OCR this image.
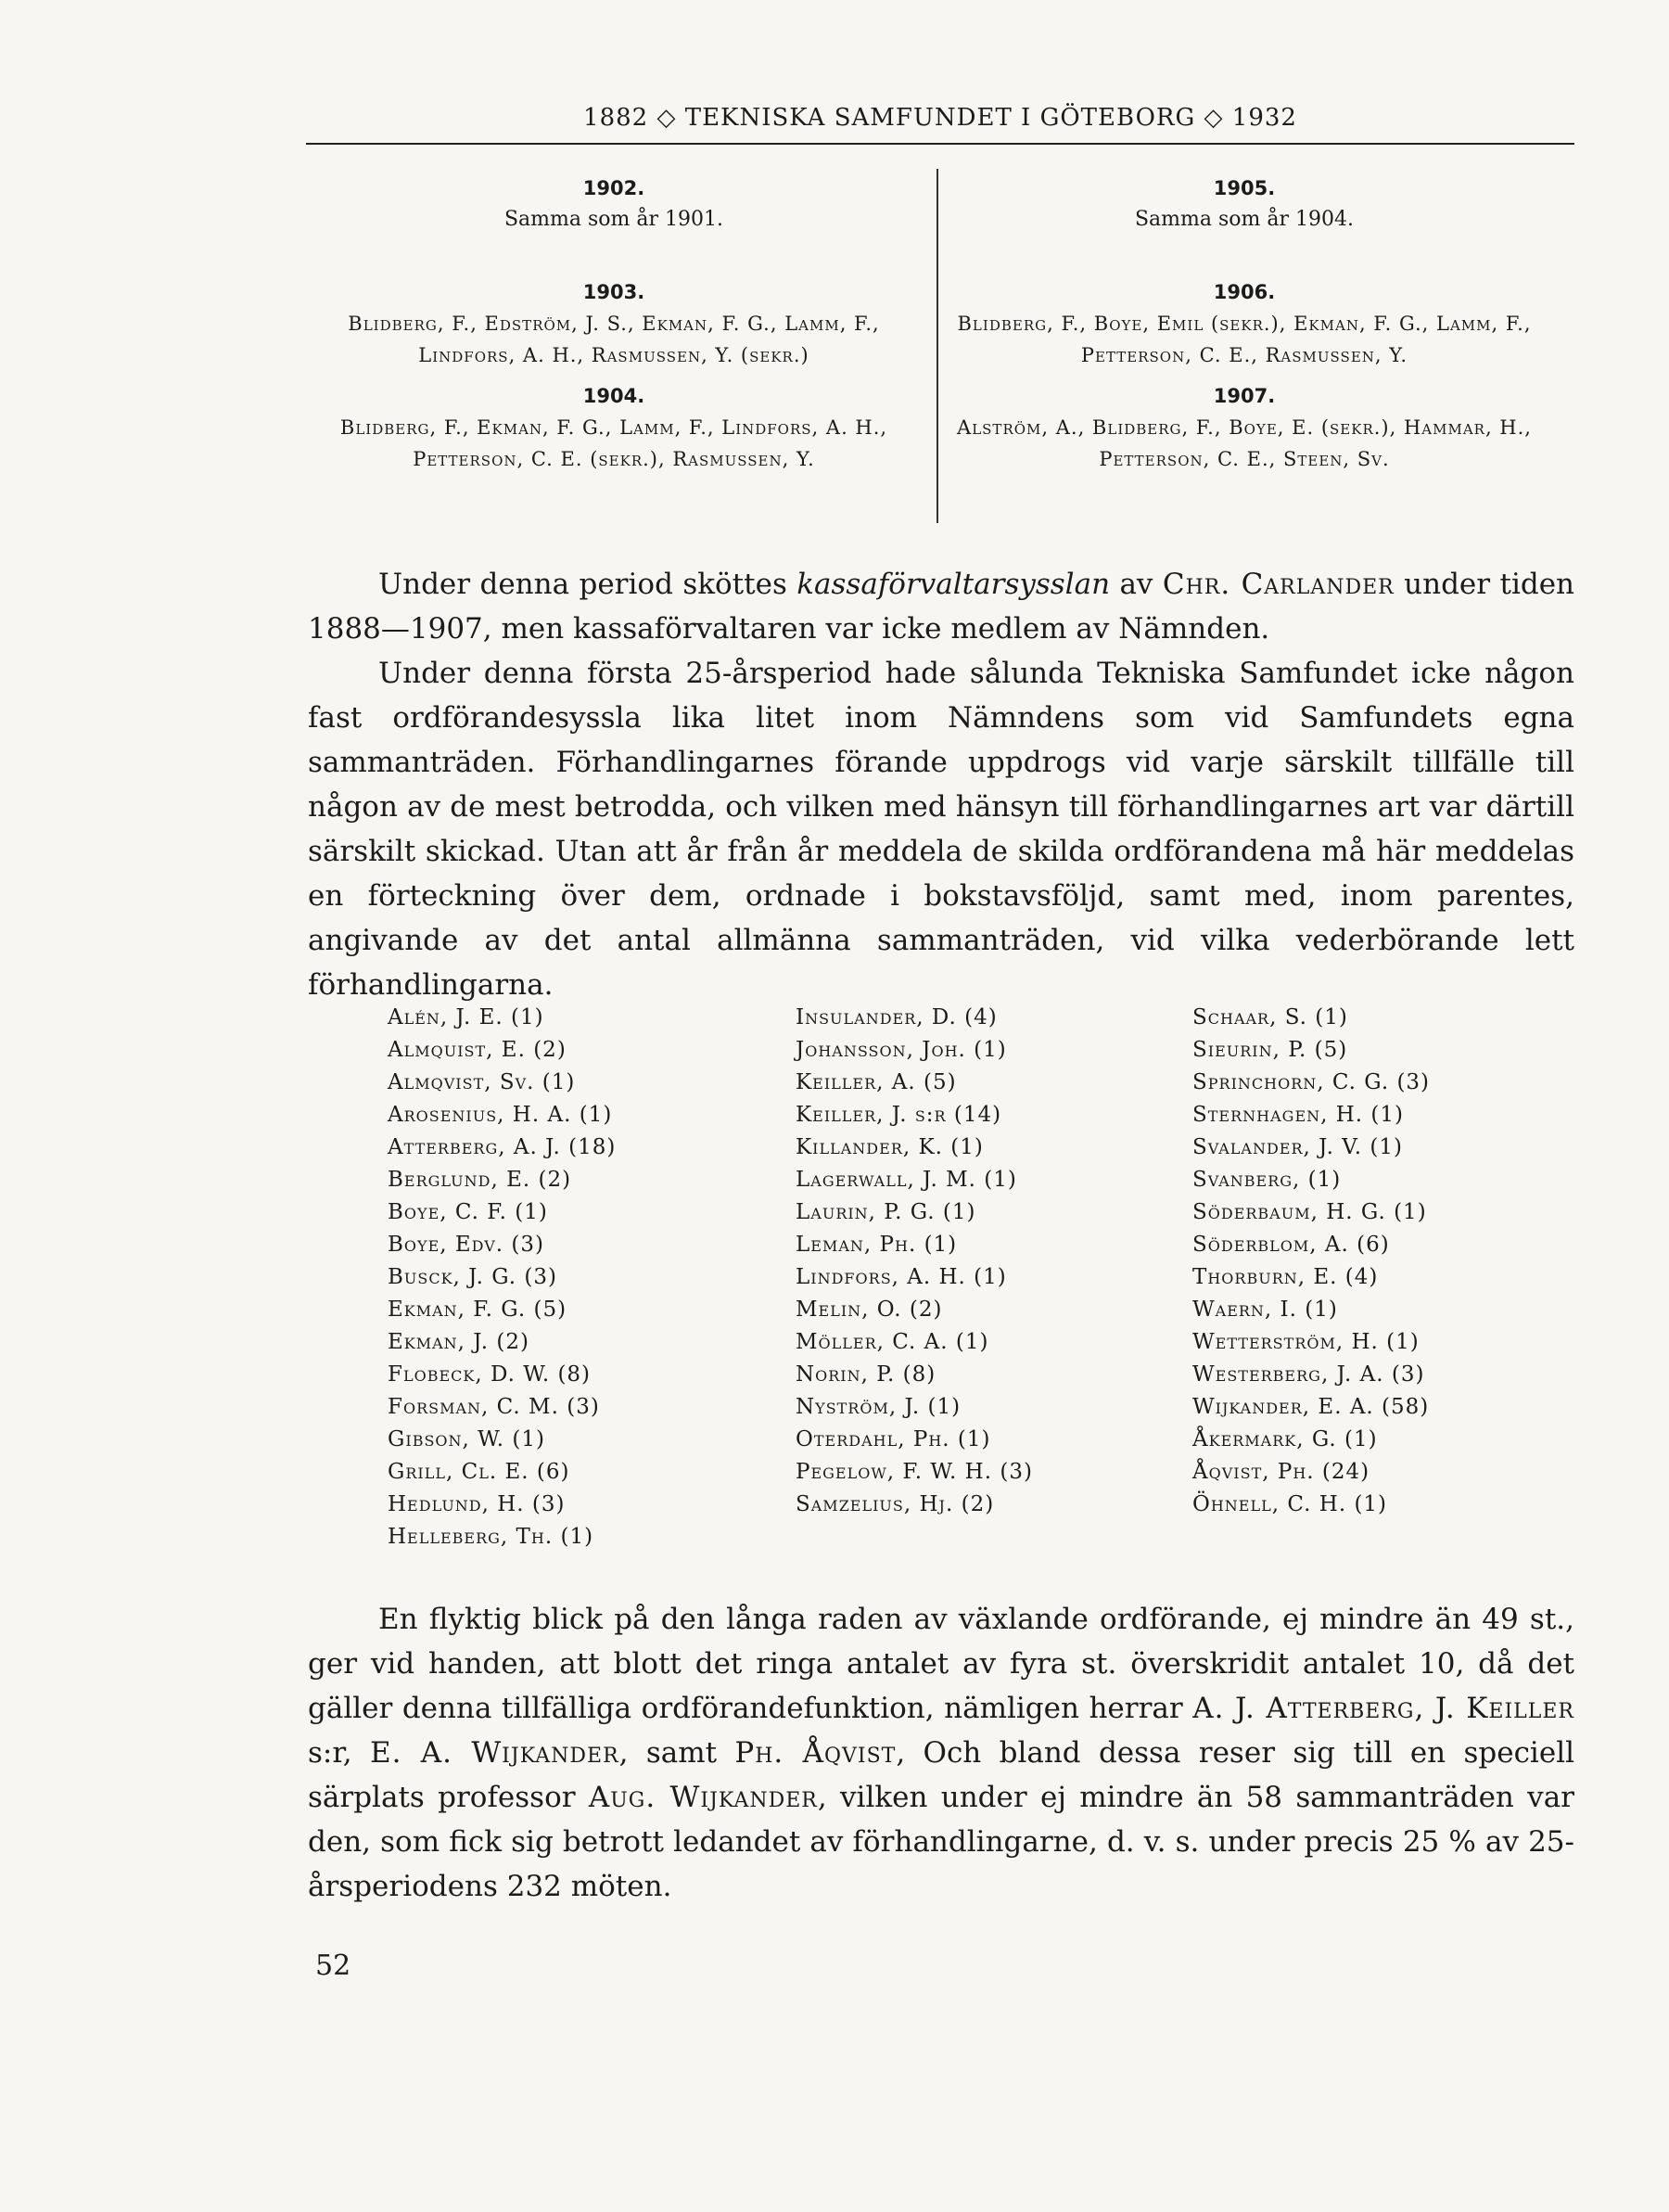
1882 ◇ TEKNISKA SAMFUNDET I GÖTEBORG ◇ 1932
1902.
Samma som år 1901.
1903.
Blidberg, F., Edström, J. S., Ekman, F. G., Lamm, F., Lindfors, A. H., Rasmussen, Y. (sekr.)
1904.
Blidberg, F., Ekman, F. G., Lamm, F., Lindfors, A. H., Petterson, C. E. (sekr.), Rasmussen, Y.
1905.
Samma som år 1904.
1906.
Blidberg, F., Boye, Emil (sekr.), Ekman, F. G., Lamm, F., Petterson, C. E., Rasmussen, Y.
1907.
Alström, A., Blidberg, F., Boye, E. (sekr.), Hammar, H., Petterson, C. E., Steen, Sv.

Under denna period sköttes kassaförvaltarsysslan av Chr. Carlander under tiden 1888—1907, men kassaförvaltaren var icke medlem av Nämnden.

Under denna första 25-årsperiod hade sålunda Tekniska Samfundet icke någon fast ordförandesyssla lika litet inom Nämndens som vid Samfundets egna sammanträden. Förhandlingarnes förande uppdrogs vid varje särskilt tillfälle till någon av de mest betrodda, och vilken med hänsyn till förhandlingarnes art var därtill särskilt skickad. Utan att år från år meddela de skilda ordförandena må här meddelas en förteckning över dem, ordnade i bokstavsföljd, samt med, inom parentes, angivande av det antal allmänna sammanträden, vid vilka vederbörande lett förhandlingarna.

Alén, J. E. (1)
Almquist, E. (2)
Almqvist, Sv. (1)
Arosenius, H. A. (1)
Atterberg, A. J. (18)
Berglund, E. (2)
Boye, C. F. (1)
Boye, Edv. (3)
Busck, J. G. (3)
Ekman, F. G. (5)
Ekman, J. (2)
Flobeck, D. W. (8)
Forsman, C. M. (3)
Gibson, W. (1)
Grill, Cl. E. (6)
Hedlund, H. (3)
Helleberg, Th. (1)
Insulander, D. (4)
Johansson, Joh. (1)
Keiller, A. (5)
Keiller, J. s:r (14)
Killander, K. (1)
Lagerwall, J. M. (1)
Laurin, P. G. (1)
Leman, Ph. (1)
Lindfors, A. H. (1)
Melin, O. (2)
Möller, C. A. (1)
Norin, P. (8)
Nyström, J. (1)
Oterdahl, Ph. (1)
Pegelow, F. W. H. (3)
Samzelius, Hj. (2)
Schaar, S. (1)
Sieurin, P. (5)
Sprinchorn, C. G. (3)
Sternhagen, H. (1)
Svalander, J. V. (1)
Svanberg, (1)
Söderbaum, H. G. (1)
Söderblom, A. (6)
Thorburn, E. (4)
Waern, I. (1)
Wetterström, H. (1)
Westerberg, J. A. (3)
Wijkander, E. A. (58)
Åkermark, G. (1)
Åqvist, Ph. (24)
Öhnell, C. H. (1)

En flyktig blick på den långa raden av växlande ordförande, ej mindre än 49 st., ger vid handen, att blott det ringa antalet av fyra st. överskridit antalet 10, då det gäller denna tillfälliga ordförandefunktion, nämligen herrar A. J. Atterberg, J. Keiller s:r, E. A. Wijkander, samt Ph. Åqvist, Och bland dessa reser sig till en speciell särplats professor Aug. Wijkander, vilken under ej mindre än 58 sammanträden var den, som fick sig betrott ledandet av förhandlingarne, d. v. s. under precis 25 % av 25-årsperiodens 232 möten.

52
